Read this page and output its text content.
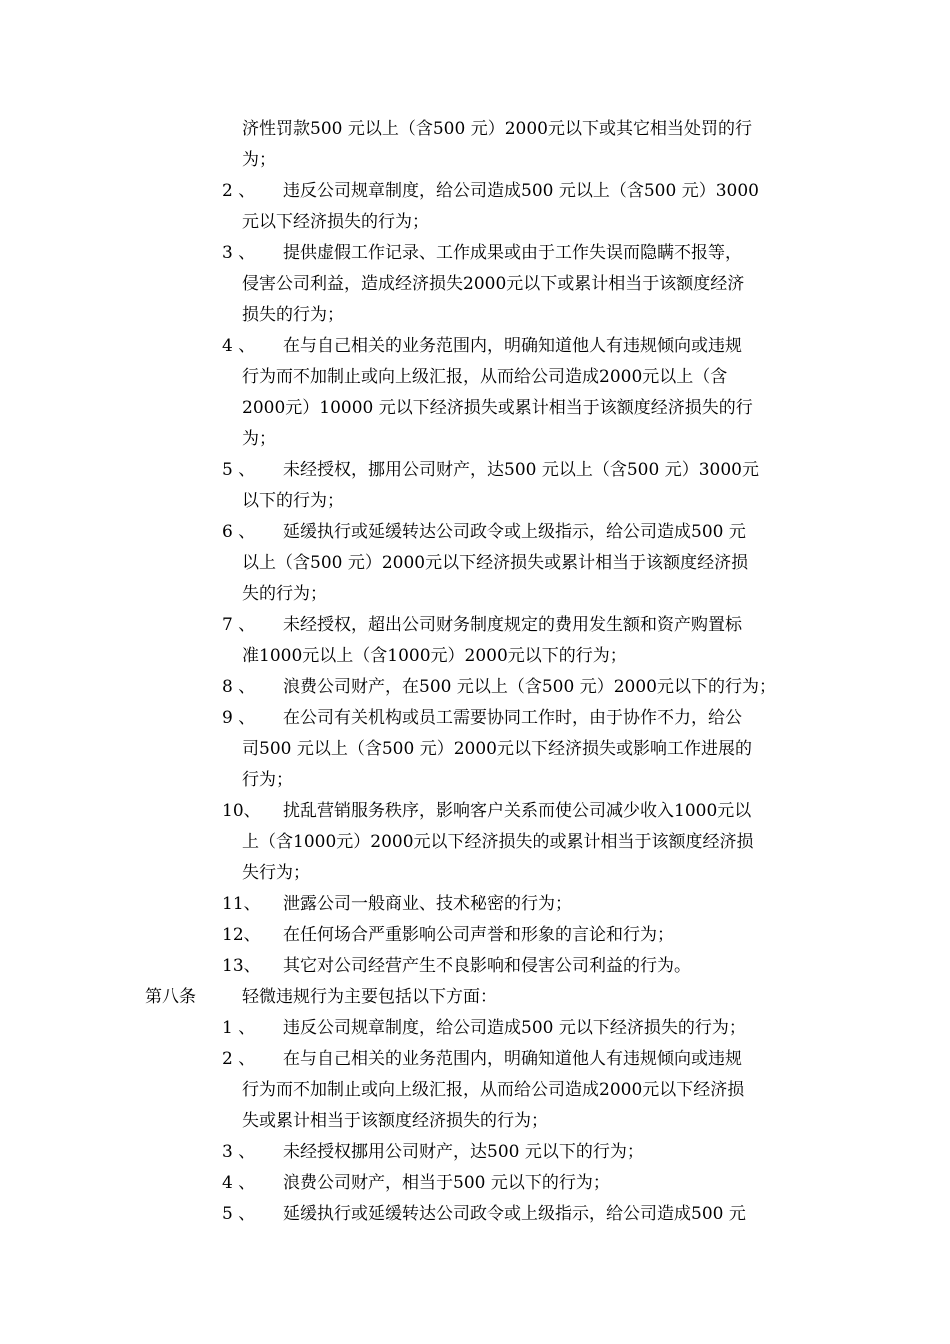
济性罚款500 元以上（含500 元）2000元以下或其它相当处罚的行
为；
2 、 违反公司规章制度，给公司造成500 元以上（含500 元）3000
元以下经济损失的行为；
3 、 提供虚假工作记录、工作成果或由于工作失误而隐瞒不报等，
侵害公司利益，造成经济损失2000元以下或累计相当于该额度经济
损失的行为；
4 、 在与自己相关的业务范围内，明确知道他人有违规倾向或违规
行为而不加制止或向上级汇报，从而给公司造成2000元以上（含
2000元）10000 元以下经济损失或累计相当于该额度经济损失的行
为；
5 、 未经授权，挪用公司财产，达500 元以上（含500 元）3000元
以下的行为；
6 、 延缓执行或延缓转达公司政令或上级指示，给公司造成500 元
以上（含500 元）2000元以下经济损失或累计相当于该额度经济损
失的行为；
7 、 未经授权，超出公司财务制度规定的费用发生额和资产购置标
准1000元以上（含1000元）2000元以下的行为；
8 、 浪费公司财产，在500 元以上（含500 元）2000元以下的行为；
9 、 在公司有关机构或员工需要协同工作时，由于协作不力，给公
司500 元以上（含500 元）2000元以下经济损失或影响工作进展的
行为；
10、 扰乱营销服务秩序，影响客户关系而使公司减少收入1000元以
上（含1000元）2000元以下经济损失的或累计相当于该额度经济损
失行为；
11、 泄露公司一般商业、技术秘密的行为；
12、 在任何场合严重影响公司声誉和形象的言论和行为；
13、 其它对公司经营产生不良影响和侵害公司利益的行为。
第八条	轻微违规行为主要包括以下方面：
1 、 违反公司规章制度，给公司造成500 元以下经济损失的行为；
2 、 在与自己相关的业务范围内，明确知道他人有违规倾向或违规
行为而不加制止或向上级汇报，从而给公司造成2000元以下经济损
失或累计相当于该额度经济损失的行为；
3 、 未经授权挪用公司财产，达500 元以下的行为；
4 、 浪费公司财产，相当于500 元以下的行为；
5 、 延缓执行或延缓转达公司政令或上级指示，给公司造成500 元
